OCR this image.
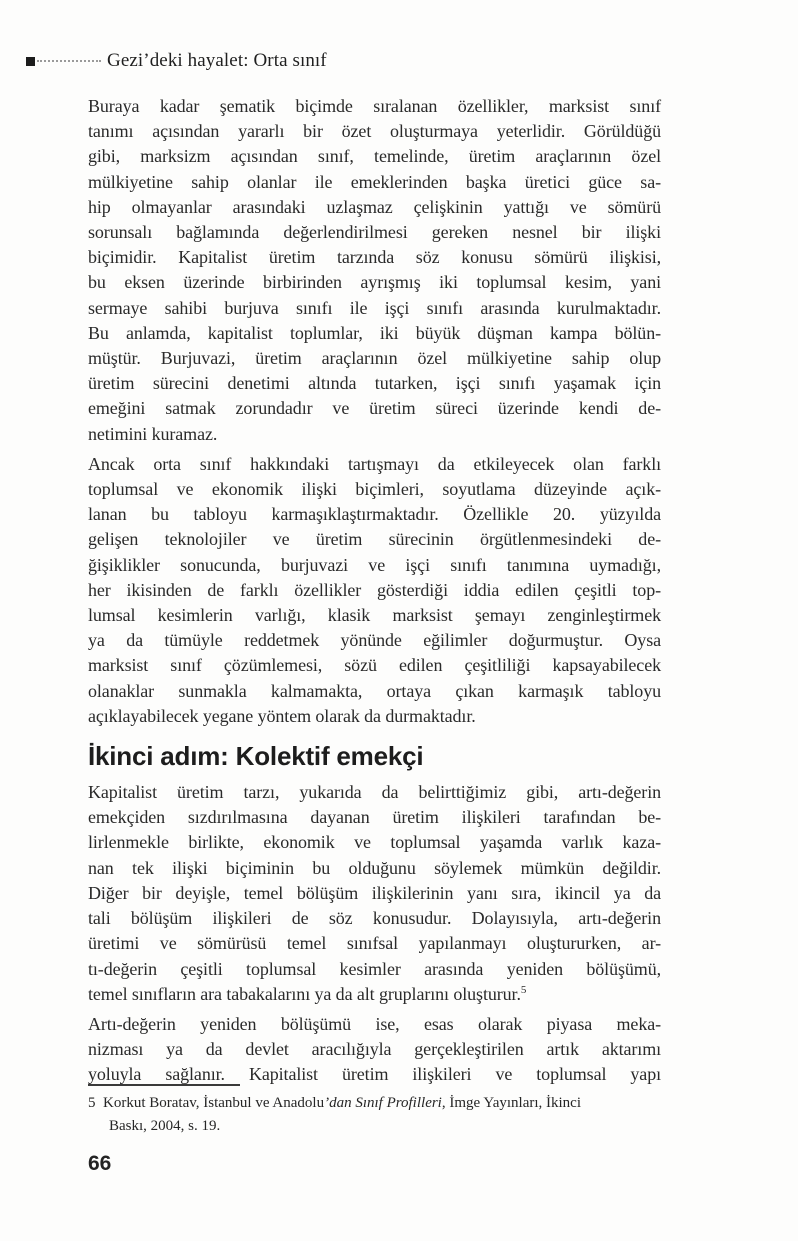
Gezi’deki hayalet: Orta sınıf
Buraya kadar şematik biçimde sıralanan özellikler, marksist sınıf
tanımı açısından yararlı bir özet oluşturmaya yeterlidir. Görüldüğü
gibi, marksizm açısından sınıf, temelinde, üretim araçlarının özel
mülkiyetine sahip olanlar ile emeklerinden başka üretici güce sa-
hip olmayanlar arasındaki uzlaşmaz çelişkinin yattığı ve sömürü
sorunsalı bağlamında değerlendirilmesi gereken nesnel bir ilişki
biçimidir. Kapitalist üretim tarzında söz konusu sömürü ilişkisi,
bu eksen üzerinde birbirinden ayrışmış iki toplumsal kesim, yani
sermaye sahibi burjuva sınıfı ile işçi sınıfı arasında kurulmaktadır.
Bu anlamda, kapitalist toplumlar, iki büyük düşman kampa bölün-
müştür. Burjuvazi, üretim araçlarının özel mülkiyetine sahip olup
üretim sürecini denetimi altında tutarken, işçi sınıfı yaşamak için
emeğini satmak zorundadır ve üretim süreci üzerinde kendi de-
netimini kuramaz.
Ancak orta sınıf hakkındaki tartışmayı da etkileyecek olan farklı
toplumsal ve ekonomik ilişki biçimleri, soyutlama düzeyinde açık-
lanan bu tabloyu karmaşıklaştırmaktadır. Özellikle 20. yüzyılda
gelişen teknolojiler ve üretim sürecinin örgütlenmesindeki de-
ğişiklikler sonucunda, burjuvazi ve işçi sınıfı tanımına uymadığı,
her ikisinden de farklı özellikler gösterdiği iddia edilen çeşitli top-
lumsal kesimlerin varlığı, klasik marksist şemayı zenginleştirmek
ya da tümüyle reddetmek yönünde eğilimler doğurmuştur. Oysa
marksist sınıf çözümlemesi, sözü edilen çeşitliliği kapsayabilecek
olanaklar sunmakla kalmamakta, ortaya çıkan karmaşık tabloyu
açıklayabilecek yegane yöntem olarak da durmaktadır.
İkinci adım: Kolektif emekçi
Kapitalist üretim tarzı, yukarıda da belirttiğimiz gibi, artı-değerin
emekçiden sızdırılmasına dayanan üretim ilişkileri tarafından be-
lirlenmekle birlikte, ekonomik ve toplumsal yaşamda varlık kaza-
nan tek ilişki biçiminin bu olduğunu söylemek mümkün değildir.
Diğer bir deyişle, temel bölüşüm ilişkilerinin yanı sıra, ikincil ya da
tali bölüşüm ilişkileri de söz konusudur. Dolayısıyla, artı-değerin
üretimi ve sömürüsü temel sınıfsal yapılanmayı oluştururken, ar-
tı-değerin çeşitli toplumsal kesimler arasında yeniden bölüşümü,
temel sınıfların ara tabakalarını ya da alt gruplarını oluşturur.$^5$
Artı-değerin yeniden bölüşümü ise, esas olarak piyasa meka-
nizması ya da devlet aracılığıyla gerçekleştirilen artık aktarımı
yoluyla sağlanır. Kapitalist üretim ilişkileri ve toplumsal yapı
5  Korkut Boratav, İstanbul ve Anadolu’dan Sınıf Profilleri, İmge Yayınları, İkinci
Baskı, 2004, s. 19.
66
